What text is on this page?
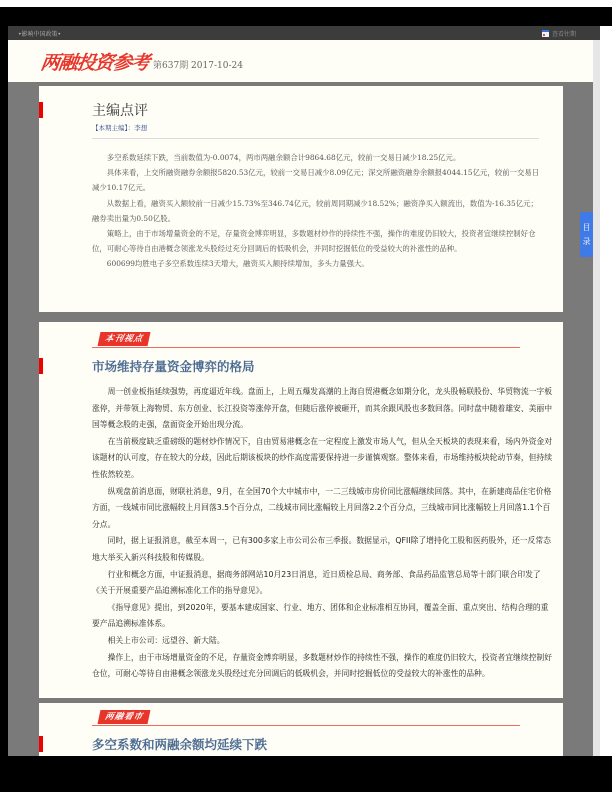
•影响中国政策•	查看往期
两融投资参考 第637期 2017-10-24
主编点评
【本期主编】：李想

多空系数延续下跌，当前数值为-0.0074，两市两融余额合计9864.68亿元，较前一交易日减少18.25亿元。

具体来看，上交所融资融券余额报5820.53亿元，较前一交易日减少8.09亿元；深交所融资融券余额报4044.15亿元，较前一交易日减少10.17亿元。

从数据上看，融资买入额较前一日减少15.73%至346.74亿元，较前周同期减少18.52%；融资净买入额流出，数值为-16.35亿元；融券卖出量为0.50亿股。

策略上，由于市场增量资金的不足，存量资金博弈明显，多数题材炒作的持续性不强，操作的难度仍旧较大，投资者宜继续控制好仓位，可耐心等待自由港概念领涨龙头股经过充分回调后的低吸机会，并同时挖掘低位的受益较大的补涨性的品种。

600699均胜电子多空系数连续3天增大，融资买入额持续增加，多头力量强大。

本刊视点
市场维持存量资金博弈的格局

周一创业板指延续强势，再度逼近年线。盘面上，上周五爆发高潮的上海自贸港概念如期分化，龙头股畅联股份、华贸物流一字板涨停，并带领上海物贸、东方创业、长江投资等涨停开盘，但随后涨停被砸开，而其余跟风股也多数回落。同时盘中随着雄安、美丽中国等概念股的走强，盘面资金开始出现分流。

在当前极度缺乏重磅级的题材炒作情况下，自由贸易港概念在一定程度上激发市场人气，但从全天板块的表现来看，场内外资金对该题材的认可度，存在较大的分歧，因此后期该板块的炒作高度需要保持进一步谨慎观察。整体来看，市场维持板块轮动节奏，但持续性依然较差。

纵观盘前消息面，财联社消息，9月，在全国70个大中城市中，一二三线城市房价同比涨幅继续回落。其中，在新建商品住宅价格方面，一线城市同比涨幅较上月回落3.5个百分点，二线城市同比涨幅较上月回落2.2个百分点，三线城市同比涨幅较上月回落1.1个百分点。

同时，据上证报消息，截至本周一，已有300多家上市公司公布三季报。数据显示，QFII除了增持化工股和医药股外，还一反常态地大举买入新兴科技股和传媒股。

行业和概念方面，中证报消息，据商务部网站10月23日消息，近日质检总局、商务部、食品药品监管总局等十部门联合印发了《关于开展重要产品追溯标准化工作的指导意见》。

《指导意见》提出，到2020年，要基本建成国家、行业、地方、团体和企业标准相互协同，覆盖全面、重点突出、结构合理的重要产品追溯标准体系。

相关上市公司：远望谷、新大陆。

操作上，由于市场增量资金的不足，存量资金博弈明显，多数题材炒作的持续性不强，操作的难度仍旧较大，投资者宜继续控制好仓位，可耐心等待自由港概念领涨龙头股经过充分回调后的低吸机会，并同时挖掘低位的受益较大的补涨性的品种。

两融看市
多空系数和两融余额均延续下跌
目
录
